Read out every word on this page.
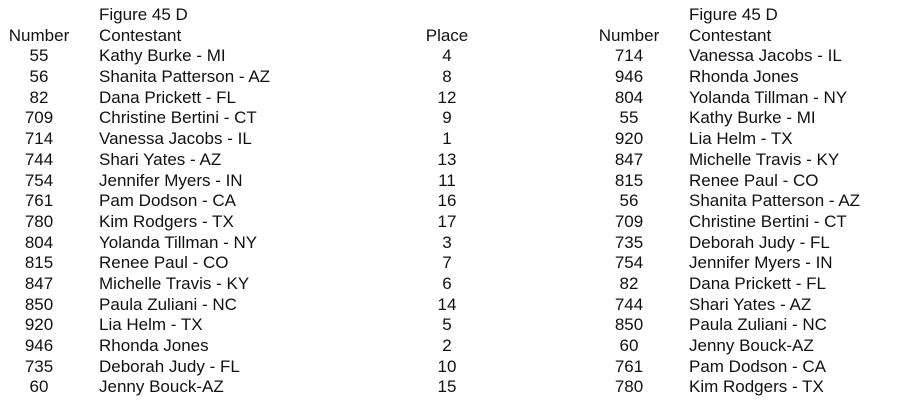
Number
55
56
82
709
714
744
754
761
780
804
815
847
850
920
946
735
60
Figure 45 D
Contestant
Kathy Burke - MI
Shanita Patterson - AZ
Dana Prickett - FL
Christine Bertini - CT
Vanessa Jacobs - IL
Shari Yates - AZ
Jennifer Myers - IN
Pam Dodson - CA
Kim Rodgers - TX
Yolanda Tillman - NY
Renee Paul - CO
Michelle Travis - KY
Paula Zuliani - NC
Lia Helm - TX
Rhonda Jones
Deborah Judy - FL
Jenny Bouck-AZ
Place
4
8
12
9
1
13
11
16
17
3
7
6
14
5
2
10
15
Number
714
946
804
55
920
847
815
56
709
735
754
82
744
850
60
761
780
Figure 45 D
Contestant
Vanessa Jacobs - IL
Rhonda Jones
Yolanda Tillman - NY
Kathy Burke - MI
Lia Helm - TX
Michelle Travis - KY
Renee Paul - CO
Shanita Patterson - AZ
Christine Bertini - CT
Deborah Judy - FL
Jennifer Myers - IN
Dana Prickett - FL
Shari Yates - AZ
Paula Zuliani - NC
Jenny Bouck-AZ
Pam Dodson - CA
Kim Rodgers - TX
